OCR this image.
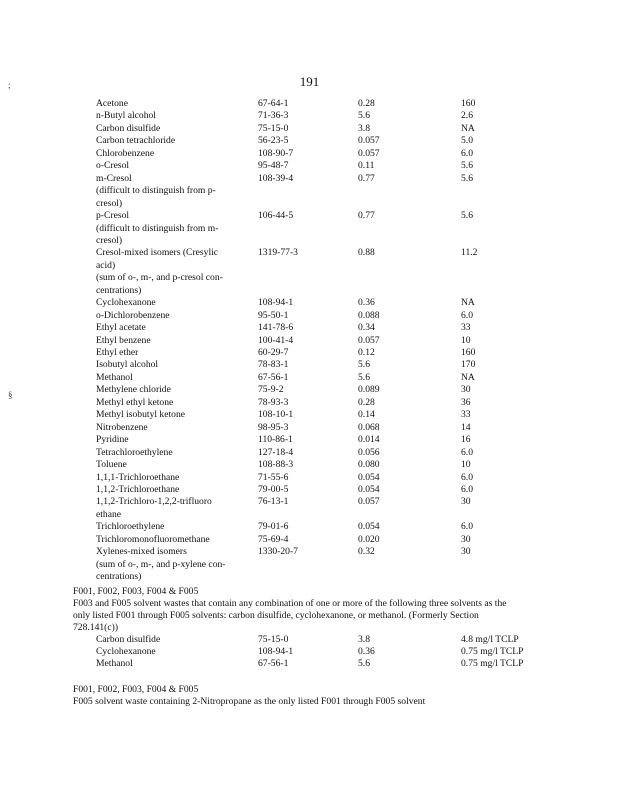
191
;
§
Acetone	67-64-1	0.28	160
n-Butyl alcohol	71-36-3	5.6	2.6
Carbon disulfide	75-15-0	3.8	NA
Carbon tetrachloride	56-23-5	0.057	5.0
Chlorobenzene	108-90-7	0.057	6.0
o-Cresol	95-48-7	0.11	5.6
m-Cresol	108-39-4	0.77	5.6
(difficult to distinguish from p-
cresol)
p-Cresol	106-44-5	0.77	5.6
(difficult to distinguish from m-
cresol)
Cresol-mixed isomers (Cresylic	1319-77-3	0.88	11.2
acid)
(sum of o-, m-, and p-cresol con-
centrations)
Cyclohexanone	108-94-1	0.36	NA
o-Dichlorobenzene	95-50-1	0.088	6.0
Ethyl acetate	141-78-6	0.34	33
Ethyl benzene	100-41-4	0.057	10
Ethyl ether	60-29-7	0.12	160
Isobutyl alcohol	78-83-1	5.6	170
Methanol	67-56-1	5.6	NA
Methylene chloride	75-9-2	0.089	30
Methyl ethyl ketone	78-93-3	0.28	36
Methyl isobutyl ketone	108-10-1	0.14	33
Nitrobenzene	98-95-3	0.068	14
Pyridine	110-86-1	0.014	16
Tetrachloroethylene	127-18-4	0.056	6.0
Toluene	108-88-3	0.080	10
1,1,1-Trichloroethane	71-55-6	0.054	6.0
1,1,2-Trichloroethane	79-00-5	0.054	6.0
1,1,2-Trichloro-1,2,2-trifluoro	76-13-1	0.057	30
ethane
Trichloroethylene	79-01-6	0.054	6.0
Trichloromonofluoromethane	75-69-4	0.020	30
Xylenes-mixed isomers	1330-20-7	0.32	30
(sum of o-, m-, and p-xylene con-
centrations)
F001, F002, F003, F004 & F005
F003 and F005 solvent wastes that contain any combination of one or more of the following three solvents as the
only listed F001 through F005 solvents: carbon disulfide, cyclohexanone, or methanol. (Formerly Section
728.141(c))
Carbon disulfide	75-15-0	3.8	4.8 mg/l TCLP
Cyclohexanone	108-94-1	0.36	0.75 mg/l TCLP
Methanol	67-56-1	5.6	0.75 mg/l TCLP
F001, F002, F003, F004 & F005
F005 solvent waste containing 2-Nitropropane as the only listed F001 through F005 solvent
